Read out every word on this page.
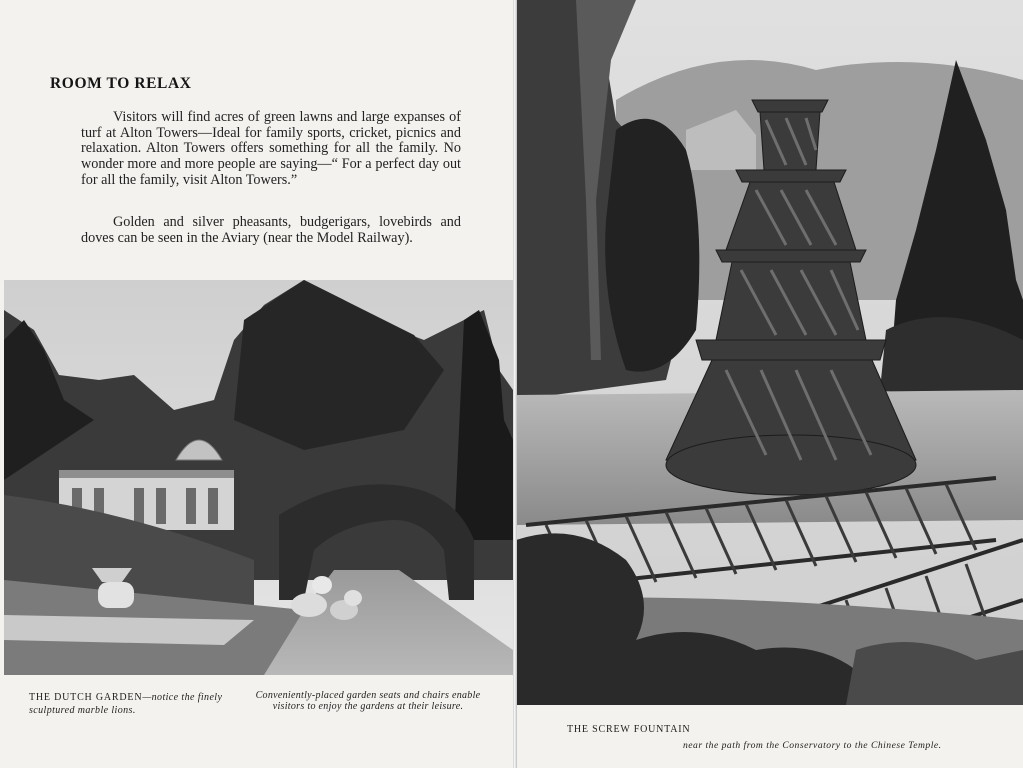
ROOM TO RELAX

Visitors will find acres of green lawns and large expanses of turf at Alton Towers—Ideal for family sports, cricket, picnics and relaxation. Alton Towers offers something for all the family. No wonder more and more people are saying—“ For a perfect day out for all the family, visit Alton Towers.”

Golden and silver pheasants, budgerigars, lovebirds and doves can be seen in the Aviary (near the Model Railway).

THE DUTCH GARDEN—notice the finely sculptured marble lions.

Conveniently-placed garden seats and chairs enable visitors to enjoy the gardens at their leisure.

THE SCREW FOUNTAIN

near the path from the Conservatory to the Chinese Temple.
